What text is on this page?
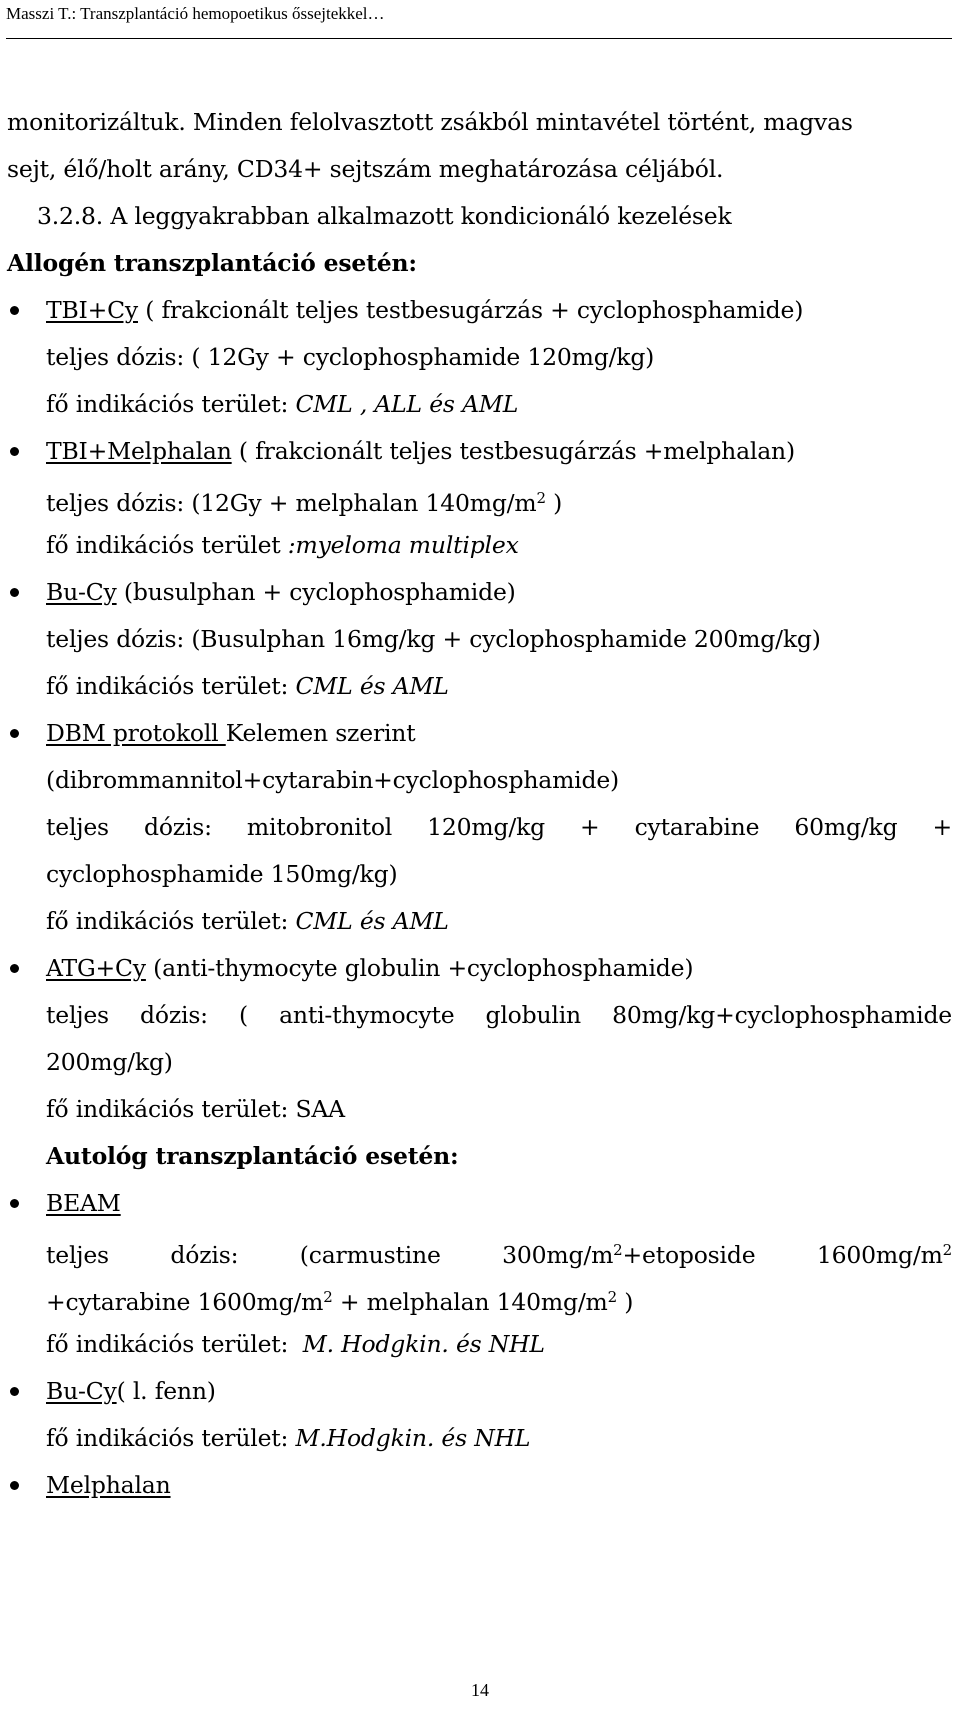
Masszi T.: Transzplantáció hemopoetikus őssejtekkel…
monitorizáltuk. Minden felolvasztott zsákból mintavétel történt, magvas
sejt, élő/holt arány, CD34+ sejtszám meghatározása céljából.
3.2.8. A leggyakrabban alkalmazott kondicionáló kezelések
Allogén transzplantáció esetén:
TBI+Cy ( frakcionált teljes testbesugárzás + cyclophosphamide)
teljes dózis: ( 12Gy + cyclophosphamide 120mg/kg)
fő indikációs terület: CML , ALL és AML
TBI+Melphalan ( frakcionált teljes testbesugárzás +melphalan)
teljes dózis: (12Gy + melphalan $140mg/m^2$ )
fő indikációs terület :myeloma multiplex
Bu-Cy (busulphan + cyclophosphamide)
teljes dózis: (Busulphan 16mg/kg + cyclophosphamide 200mg/kg)
fő indikációs terület: CML és AML
DBM protokoll Kelemen szerint
(dibrommannitol+cytarabin+cyclophosphamide)
teljes dózis: mitobronitol 120mg/kg + cytarabine 60mg/kg +
cyclophosphamide 150mg/kg)
fő indikációs terület: CML és AML
ATG+Cy (anti-thymocyte globulin +cyclophosphamide)
teljes dózis: ( anti-thymocyte globulin 80mg/kg+cyclophosphamide
200mg/kg)
fő indikációs terület: SAA
Autológ transzplantáció esetén:
BEAM
teljes dózis: (carmustine $300mg/m^2+etoposide$ $1600mg/m^2$
+cytarabine $1600mg/m^2$ + melphalan $140mg/m^2$ )
fő indikációs terület:  M. Hodgkin. és NHL
Bu-Cy( l. fenn)
fő indikációs terület: M.Hodgkin. és NHL
Melphalan
14
